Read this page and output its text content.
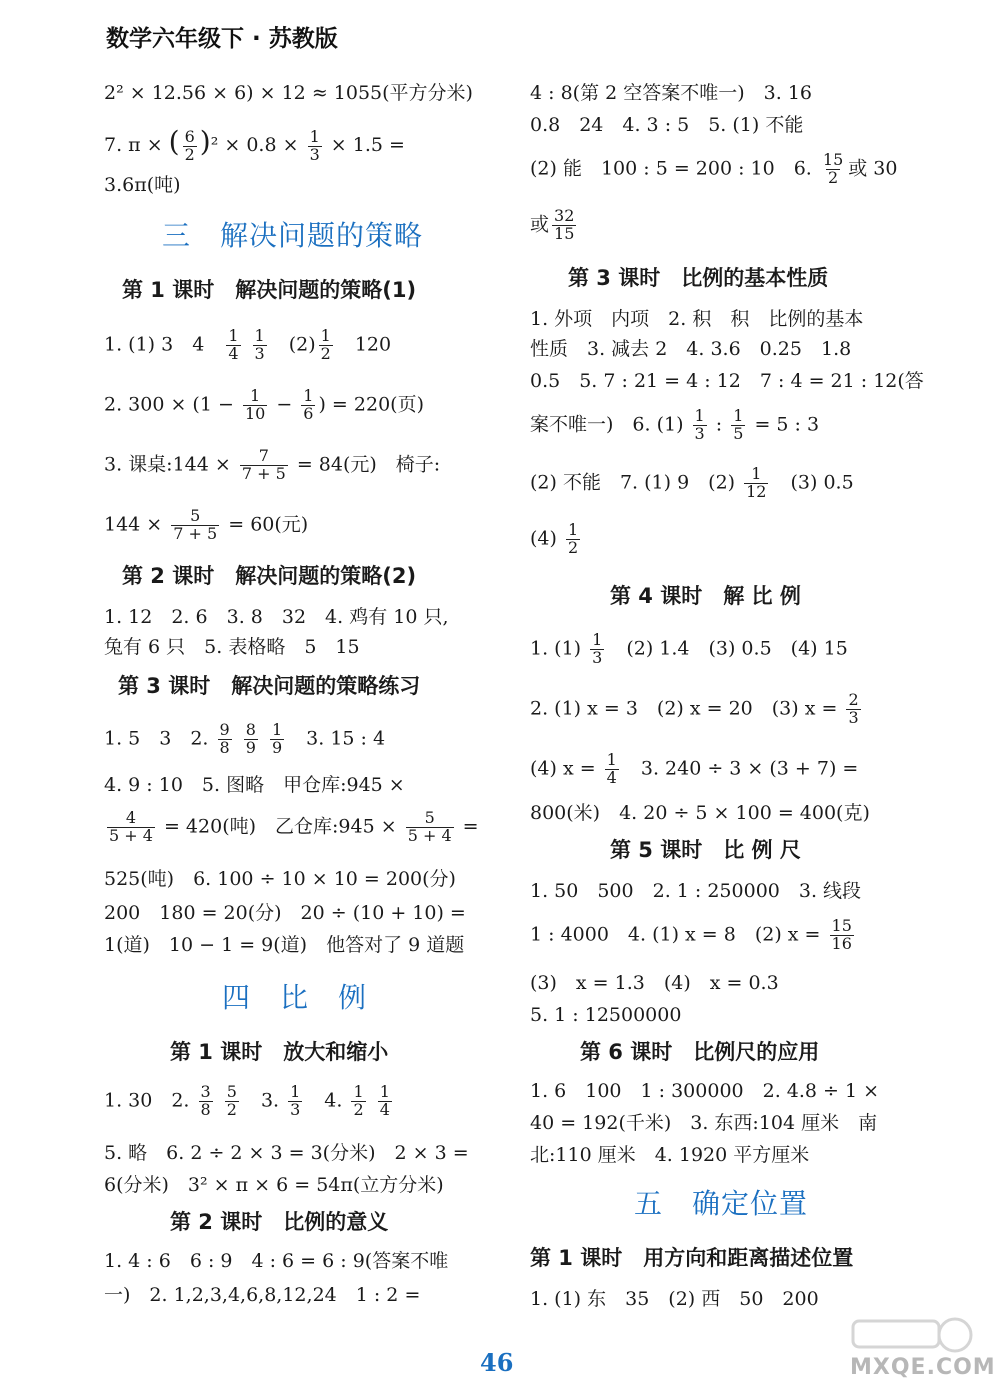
数学六年级下 · 苏教版
2² × 12.56 × 6) × 12 ≈ 1055(平方分米)
7. π × ( $\frac{6}{2} )^2 \times 0.8 \times \frac{1}{3} \times 1.5$ =
3.6π(吨)
三　解决问题的策略
第 1 课时　解决问题的策略(1)
1. (1) 3　4　 $\frac{1}{4}$
$\frac{1}{3}$ 　$(2) \frac{1}{2}$ 　120
2. $300 \times (1 - \frac{1}{10} - \frac{1}{6}$ ) = 220(页)
3. 课桌:144 × $\frac{7}{7 + 5} = 84$(元)　椅子:
$144 \times \frac{5}{7 + 5} = 60$(元)
第 2 课时　解决问题的策略(2)
1. 12　2. 6　3. 8　32　4. 鸡有 10 只,
兔有 6 只　5. 表格略　5　15
第 3 课时　解决问题的策略练习
1. 5　3　2. $\frac{9}{8}$
$\frac{8}{9}$
$\frac{1}{9}$ 　3. 15 : 4
4. 9 : 10　5. 图略　甲仓库:945 ×
$\frac{4}{5 + 4} = 420$(吨)　乙仓库:945 × $\frac{5}{5 + 4}$ =
525(吨)　6. 100 ÷ 10 × 10 = 200(分)
200　180 = 20(分)　20 ÷ (10 + 10) =
1(道)　10 − 1 = 9(道)　他答对了 9 道题
四　比　例
第 1 课时　放大和缩小
1. 30　2. $\frac{3}{8}$
$\frac{5}{2}$ 　3. $\frac{1}{3}$ 　4. $\frac{1}{2}$
$\frac{1}{4}$
5. 略　6. 2 ÷ 2 × 3 = 3(分米)　2 × 3 =
6(分米)　3² × π × 6 = 54π(立方分米)
第 2 课时　比例的意义
1. 4 : 6　6 : 9　4 : 6 = 6 : 9(答案不唯
一)　2. 1,2,3,4,6,8,12,24　1 : 2 =
4 : 8(第 2 空答案不唯一)　3. 16
0.8　24　4. 3 : 5　5. (1) 不能
(2) 能　100 : 5 = 200 : 10　6. $\frac{15}{2}$ 或 30
或 $\frac{32}{15}$
第 3 课时　比例的基本性质
1. 外项　内项　2. 积　积　比例的基本
性质　3. 减去 2　4. 3.6　0.25　1.8
0.5　5. 7 : 21 = 4 : 12　7 : 4 = 21 : 12(答
案不唯一)　6. $(1) \frac{1}{3}$ : $\frac{1}{5} = 5$ : 3
(2) 不能　7. (1) 9　$(2) \frac{1}{12}$ 　(3) 0.5
$(4) \frac{1}{2}$
第 4 课时　解 比 例
1. $(1) \frac{1}{3}$ 　(2) 1.4　(3) 0.5　(4) 15
2. (1) x = 3　(2) x = 20　(3) $x = \frac{2}{3}$
(4) $x = \frac{1}{4}$ 　3. 240 ÷ 3 × (3 + 7) =
800(米)　4. 20 ÷ 5 × 100 = 400(克)
第 5 课时　比 例 尺
1. 50　500　2. 1 : 250000　3. 线段
1 : 4000　4. (1) x = 8　(2) $x = \frac{15}{16}$
(3)　x = 1.3　(4)　x = 0.3
5. 1 : 12500000
第 6 课时　比例尺的应用
1. 6　100　1 : 300000　2. 4.8 ÷ 1 ×
40 = 192(千米)　3. 东西:104 厘米　南
北:110 厘米　4. 1920 平方厘米
五　确定位置
第 1 课时　用方向和距离描述位置
1. (1) 东　35　(2) 西　50　200
46	MXQE.COM
